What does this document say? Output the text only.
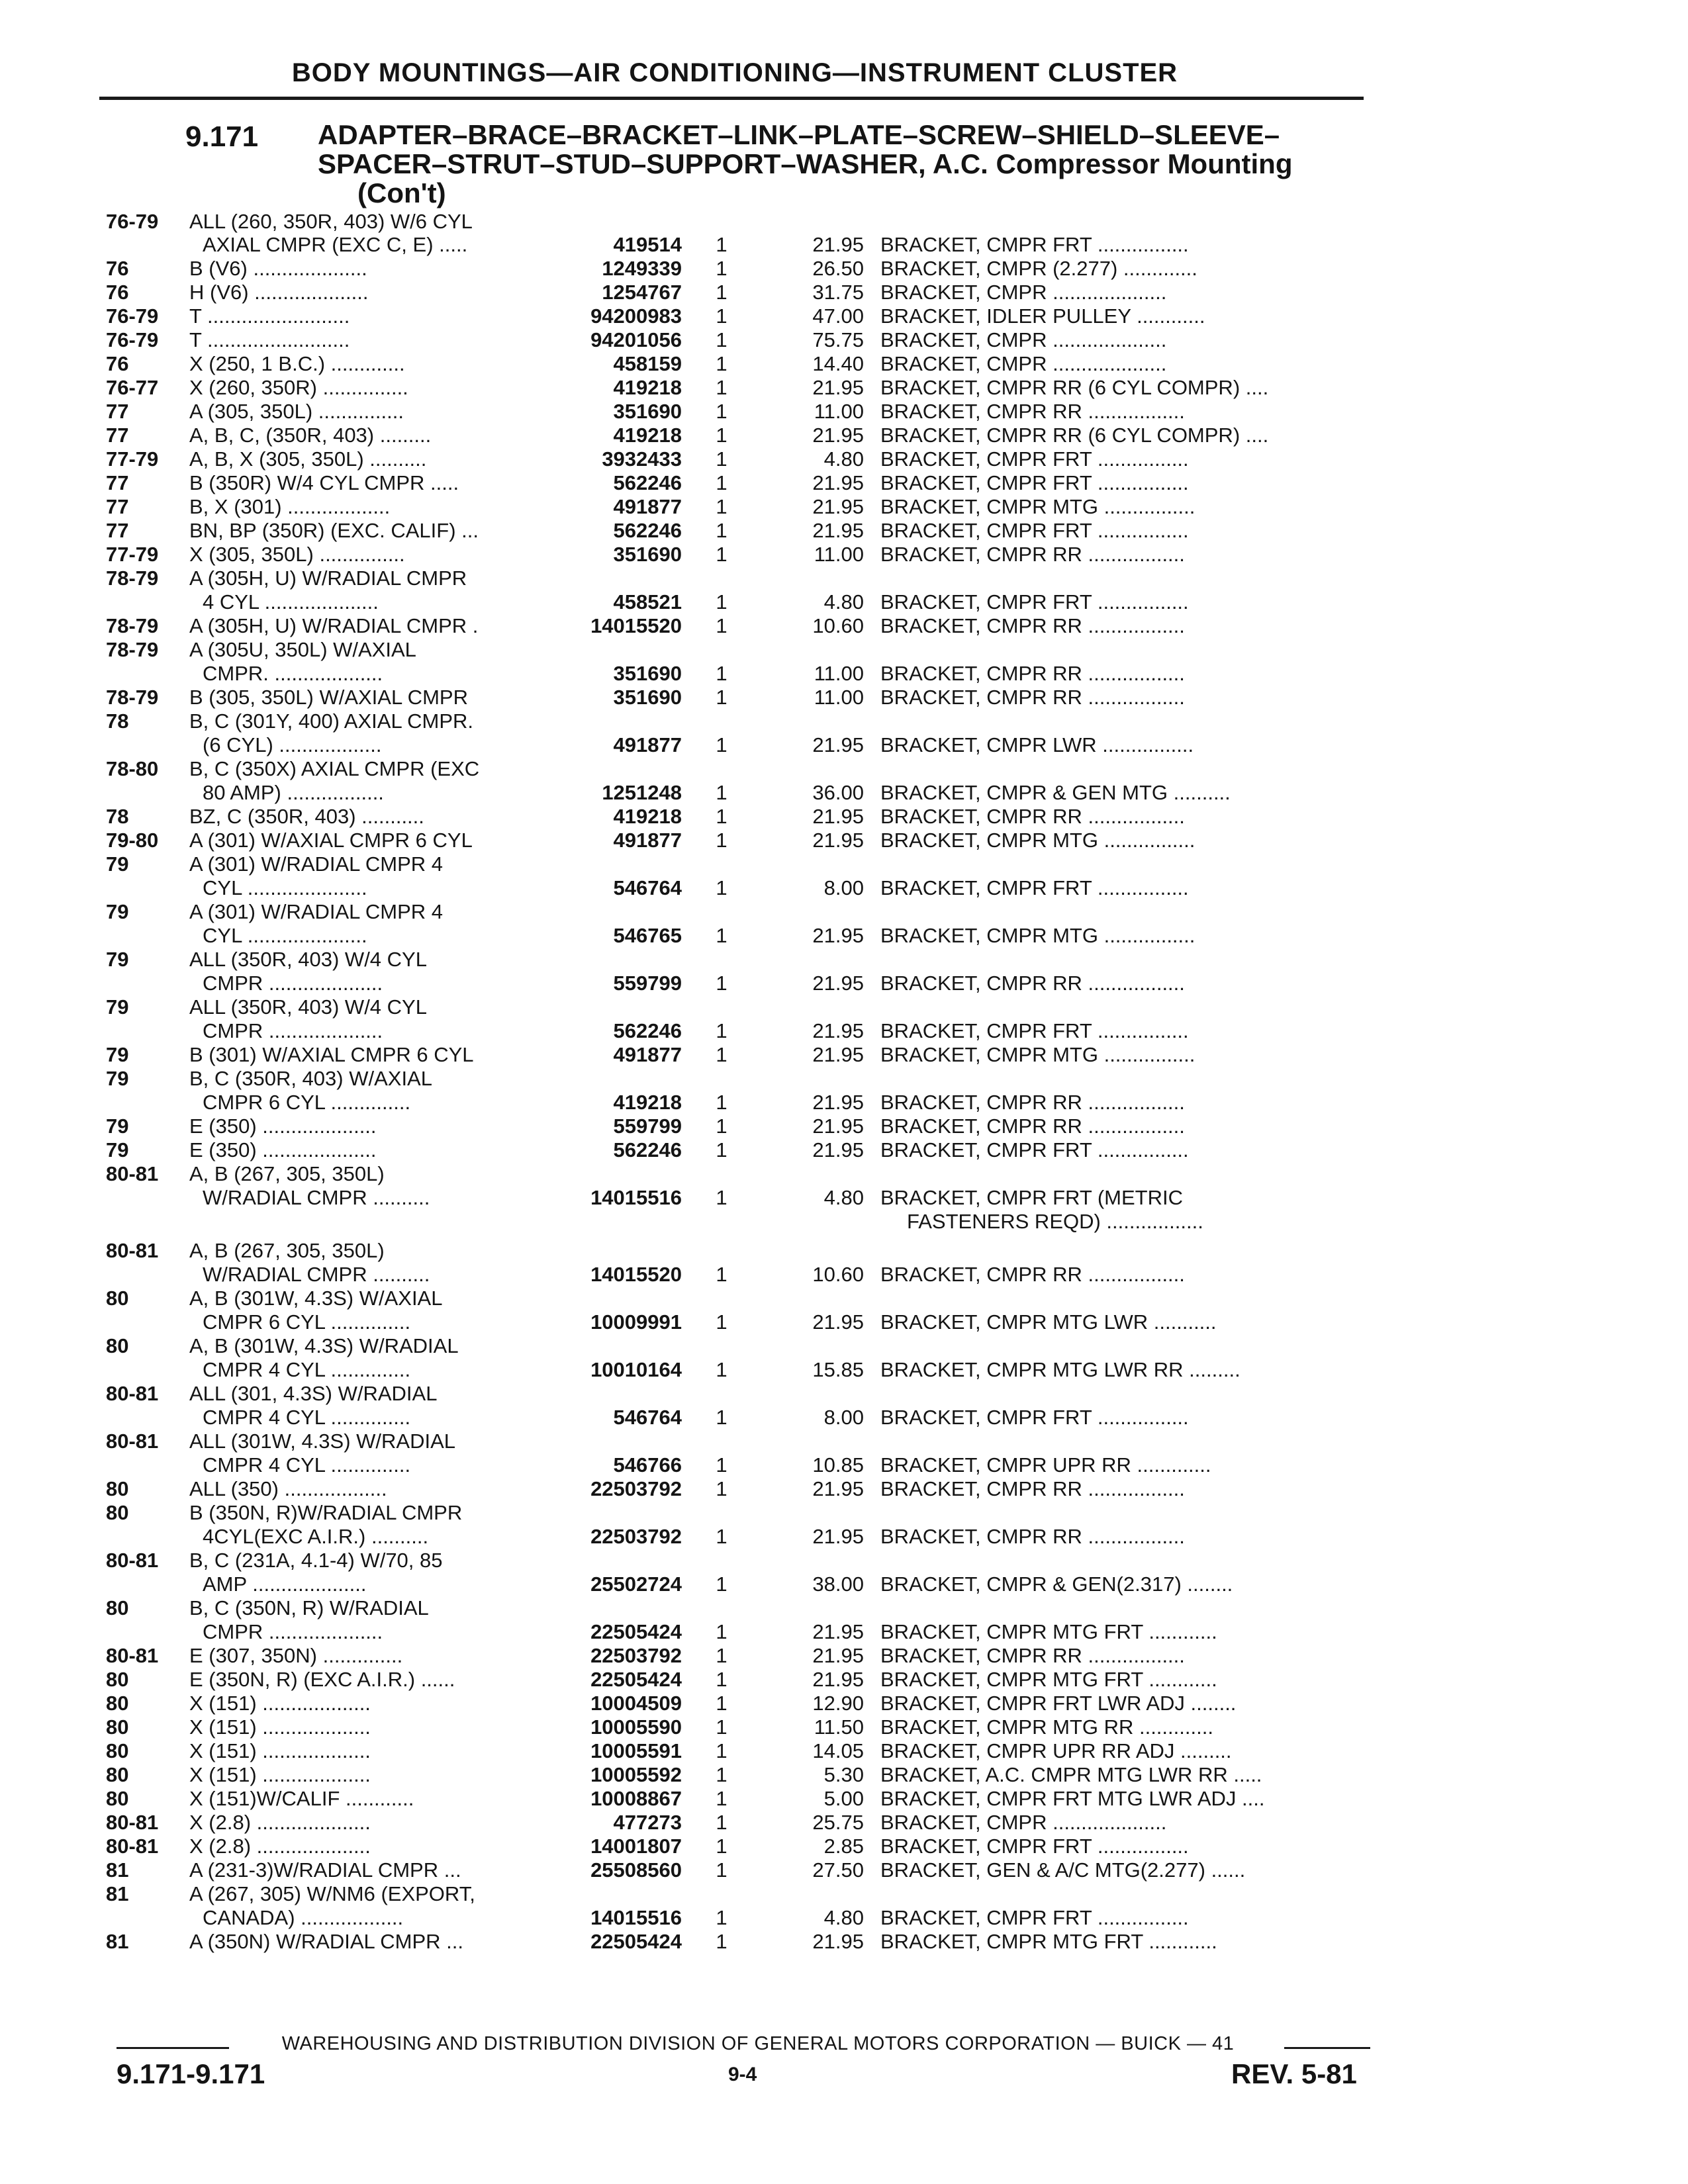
BODY MOUNTINGS—AIR CONDITIONING—INSTRUMENT CLUSTER
9.171 ADAPTER–BRACE–BRACKET–LINK–PLATE–SCREW–SHIELD–SLEEVE–
SPACER–STRUT–STUD–SUPPORT–WASHER, A.C. Compressor Mounting
(Con't)
76-79 ALL (260, 350R, 403) W/6 CYL
AXIAL CMPR (EXC C, E) .....	419514	1	21.95 BRACKET, CMPR FRT ................
76	B (V6) ....................	1249339	1	26.50 BRACKET, CMPR (2.277) .............
76	H (V6) ....................	1254767	1	31.75 BRACKET, CMPR ....................
76-79 T .........................	94200983	1	47.00 BRACKET, IDLER PULLEY ............
76-79 T .........................	94201056	1	75.75 BRACKET, CMPR ....................
76	X (250, 1 B.C.) .............	458159	1	14.40 BRACKET, CMPR ....................
76-77 X (260, 350R) ...............	419218	1	21.95 BRACKET, CMPR RR (6 CYL COMPR) ....
77	A (305, 350L) ...............	351690	1	11.00 BRACKET, CMPR RR .................
77	A, B, C, (350R, 403) .........	419218	1	21.95 BRACKET, CMPR RR (6 CYL COMPR) ....
77-79 A, B, X (305, 350L) ..........	3932433	1	4.80 BRACKET, CMPR FRT ................
77	B (350R) W/4 CYL CMPR .....	562246	1	21.95 BRACKET, CMPR FRT ................
77	B, X (301) ..................	491877	1	21.95 BRACKET, CMPR MTG ................
77	BN, BP (350R) (EXC. CALIF) ...	562246	1	21.95 BRACKET, CMPR FRT ................
77-79 X (305, 350L) ...............	351690	1	11.00 BRACKET, CMPR RR .................
78-79 A (305H, U) W/RADIAL CMPR
4 CYL ....................	458521	1	4.80 BRACKET, CMPR FRT ................
78-79 A (305H, U) W/RADIAL CMPR .	14015520	1	10.60 BRACKET, CMPR RR .................
78-79 A (305U, 350L) W/AXIAL
CMPR. ...................	351690	1	11.00 BRACKET, CMPR RR .................
78-79 B (305, 350L) W/AXIAL CMPR	351690	1	11.00 BRACKET, CMPR RR .................
78	B, C (301Y, 400) AXIAL CMPR.
(6 CYL) ..................	491877	1	21.95 BRACKET, CMPR LWR ................
78-80 B, C (350X) AXIAL CMPR (EXC
80 AMP) .................	1251248	1	36.00 BRACKET, CMPR & GEN MTG ..........
78	BZ, C (350R, 403) ...........	419218	1	21.95 BRACKET, CMPR RR .................
79-80 A (301) W/AXIAL CMPR 6 CYL	491877	1	21.95 BRACKET, CMPR MTG ................
79	A (301) W/RADIAL CMPR 4
CYL .....................	546764	1	8.00 BRACKET, CMPR FRT ................
79	A (301) W/RADIAL CMPR 4
CYL .....................	546765	1	21.95 BRACKET, CMPR MTG ................
79	ALL (350R, 403) W/4 CYL
CMPR ....................	559799	1	21.95 BRACKET, CMPR RR .................
79	ALL (350R, 403) W/4 CYL
CMPR ....................	562246	1	21.95 BRACKET, CMPR FRT ................
79	B (301) W/AXIAL CMPR 6 CYL	491877	1	21.95 BRACKET, CMPR MTG ................
79	B, C (350R, 403) W/AXIAL
CMPR 6 CYL ..............	419218	1	21.95 BRACKET, CMPR RR .................
79	E (350) ....................	559799	1	21.95 BRACKET, CMPR RR .................
79	E (350) ....................	562246	1	21.95 BRACKET, CMPR FRT ................
80-81 A, B (267, 305, 350L)
W/RADIAL CMPR ..........	14015516	1	4.80 BRACKET, CMPR FRT (METRIC
FASTENERS REQD) .................
80-81 A, B (267, 305, 350L)
W/RADIAL CMPR ..........	14015520	1	10.60 BRACKET, CMPR RR .................
80	A, B (301W, 4.3S) W/AXIAL
CMPR 6 CYL ..............	10009991	1	21.95 BRACKET, CMPR MTG LWR ...........
80	A, B (301W, 4.3S) W/RADIAL
CMPR 4 CYL ..............	10010164	1	15.85 BRACKET, CMPR MTG LWR RR .........
80-81 ALL (301, 4.3S) W/RADIAL
CMPR 4 CYL ..............	546764	1	8.00 BRACKET, CMPR FRT ................
80-81 ALL (301W, 4.3S) W/RADIAL
CMPR 4 CYL ..............	546766	1	10.85 BRACKET, CMPR UPR RR .............
80	ALL (350) ..................	22503792	1	21.95 BRACKET, CMPR RR .................
80	B (350N, R)W/RADIAL CMPR
4CYL(EXC A.I.R.) ..........	22503792	1	21.95 BRACKET, CMPR RR .................
80-81 B, C (231A, 4.1-4) W/70, 85
AMP ....................	25502724	1	38.00 BRACKET, CMPR & GEN(2.317) ........
80	B, C (350N, R) W/RADIAL
CMPR ....................	22505424	1	21.95 BRACKET, CMPR MTG FRT ............
80-81 E (307, 350N) ..............	22503792	1	21.95 BRACKET, CMPR RR .................
80	E (350N, R) (EXC A.I.R.) ......	22505424	1	21.95 BRACKET, CMPR MTG FRT ............
80	X (151) ...................	10004509	1	12.90 BRACKET, CMPR FRT LWR ADJ ........
80	X (151) ...................	10005590	1	11.50 BRACKET, CMPR MTG RR .............
80	X (151) ...................	10005591	1	14.05 BRACKET, CMPR UPR RR ADJ .........
80	X (151) ...................	10005592	1	5.30 BRACKET, A.C. CMPR MTG LWR RR .....
80	X (151)W/CALIF ............	10008867	1	5.00 BRACKET, CMPR FRT MTG LWR ADJ ....
80-81 X (2.8) ....................	477273	1	25.75 BRACKET, CMPR ....................
80-81 X (2.8) ....................	14001807	1	2.85 BRACKET, CMPR FRT ................
81	A (231-3)W/RADIAL CMPR ...	25508560	1	27.50 BRACKET, GEN & A/C MTG(2.277) ......
81	A (267, 305) W/NM6 (EXPORT,
CANADA) ..................	14015516	1	4.80 BRACKET, CMPR FRT ................
81	A (350N) W/RADIAL CMPR ...	22505424	1	21.95 BRACKET, CMPR MTG FRT ............
WAREHOUSING AND DISTRIBUTION DIVISION OF GENERAL MOTORS CORPORATION — BUICK — 41
9.171-9.171	9-4	REV. 5-81
